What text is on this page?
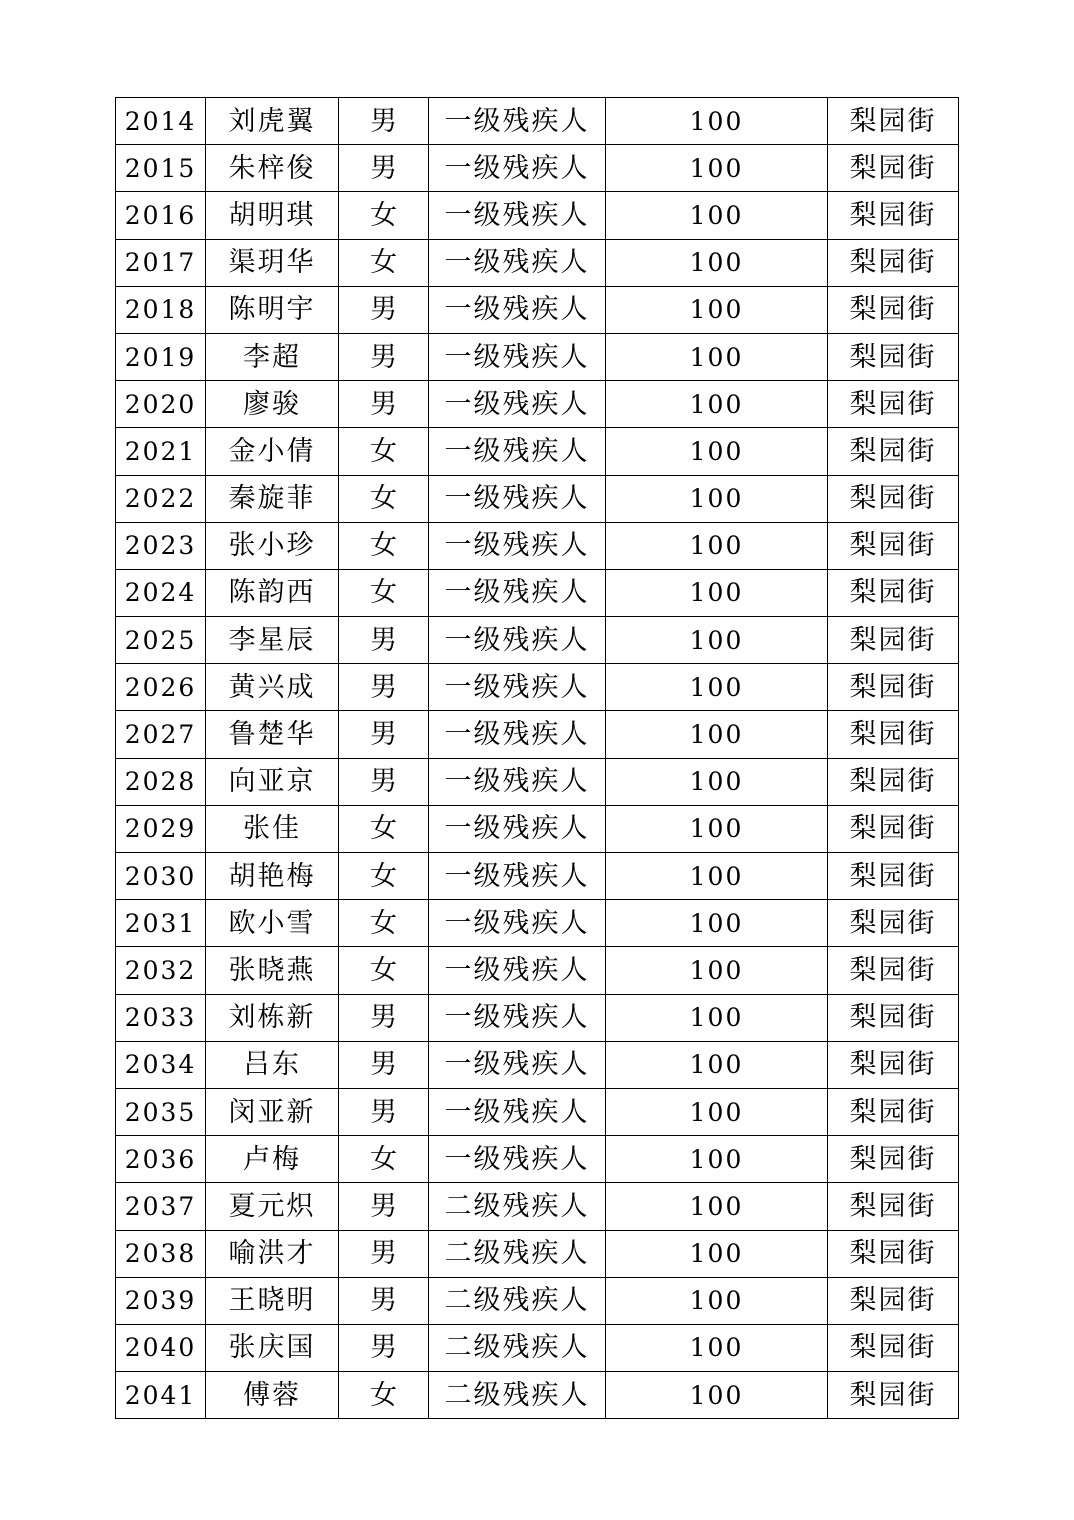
2014	刘虎翼	男	一级残疾人	100	梨园街
2015	朱梓俊	男	一级残疾人	100	梨园街
2016	胡明琪	女	一级残疾人	100	梨园街
2017	渠玥华	女	一级残疾人	100	梨园街
2018	陈明宇	男	一级残疾人	100	梨园街
2019	李超	男	一级残疾人	100	梨园街
2020	廖骏	男	一级残疾人	100	梨园街
2021	金小倩	女	一级残疾人	100	梨园街
2022	秦旋菲	女	一级残疾人	100	梨园街
2023	张小珍	女	一级残疾人	100	梨园街
2024	陈韵西	女	一级残疾人	100	梨园街
2025	李星辰	男	一级残疾人	100	梨园街
2026	黄兴成	男	一级残疾人	100	梨园街
2027	鲁楚华	男	一级残疾人	100	梨园街
2028	向亚京	男	一级残疾人	100	梨园街
2029	张佳	女	一级残疾人	100	梨园街
2030	胡艳梅	女	一级残疾人	100	梨园街
2031	欧小雪	女	一级残疾人	100	梨园街
2032	张晓燕	女	一级残疾人	100	梨园街
2033	刘栋新	男	一级残疾人	100	梨园街
2034	吕东	男	一级残疾人	100	梨园街
2035	闵亚新	男	一级残疾人	100	梨园街
2036	卢梅	女	一级残疾人	100	梨园街
2037	夏元炽	男	二级残疾人	100	梨园街
2038	喻洪才	男	二级残疾人	100	梨园街
2039	王晓明	男	二级残疾人	100	梨园街
2040	张庆国	男	二级残疾人	100	梨园街
2041	傅蓉	女	二级残疾人	100	梨园街
